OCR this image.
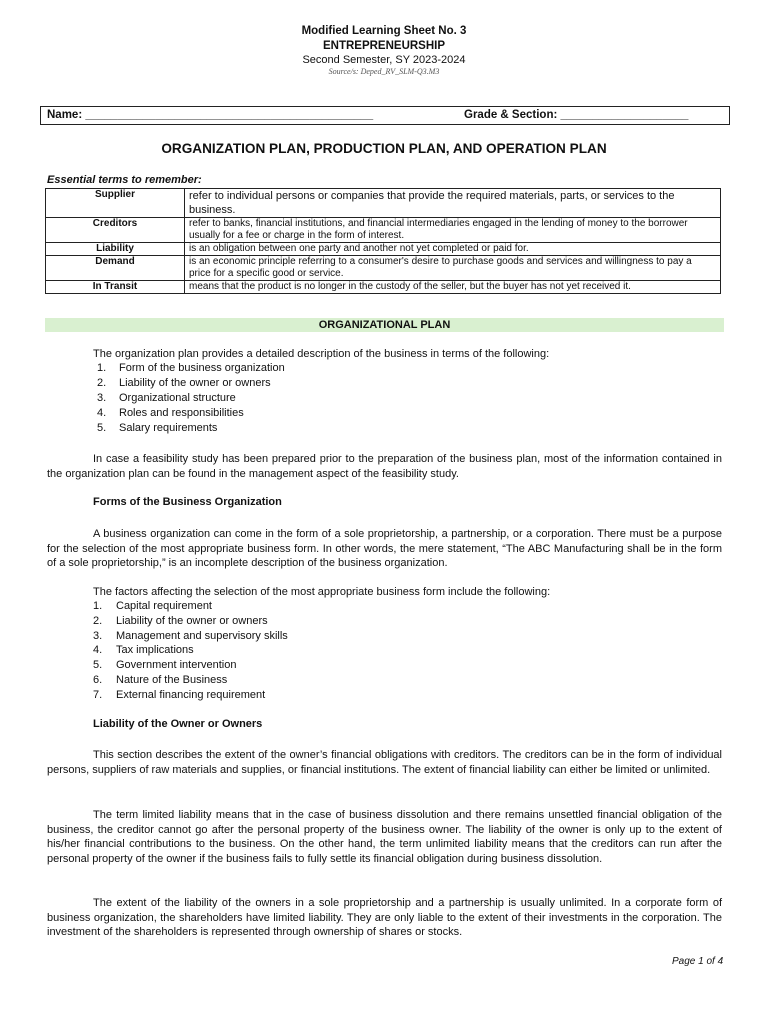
Modified Learning Sheet No. 3
ENTREPRENEURSHIP
Second Semester, SY 2023-2024
Source/s: Deped_RV_SLM-Q3.M3
Name: _____________________________________________	Grade & Section: ____________________
ORGANIZATION PLAN, PRODUCTION PLAN, AND OPERATION PLAN
Essential terms to remember:
Supplier	refer to individual persons or companies that provide the required materials, parts, or services to the business.
Creditors	refer to banks, financial institutions, and financial intermediaries engaged in the lending of money to the borrower usually for a fee or charge in the form of interest.
Liability	is an obligation between one party and another not yet completed or paid for.
Demand	is an economic principle referring to a consumer's desire to purchase goods and services and willingness to pay a price for a specific good or service.
In Transit	means that the product is no longer in the custody of the seller, but the buyer has not yet received it.
ORGANIZATIONAL PLAN
The organization plan provides a detailed description of the business in terms of the following:
1. Form of the business organization
2. Liability of the owner or owners
3. Organizational structure
4. Roles and responsibilities
5. Salary requirements
In case a feasibility study has been prepared prior to the preparation of the business plan, most of the information contained in the organization plan can be found in the management aspect of the feasibility study.
Forms of the Business Organization
A business organization can come in the form of a sole proprietorship, a partnership, or a corporation. There must be a purpose for the selection of the most appropriate business form. In other words, the mere statement, “The ABC Manufacturing shall be in the form of a sole proprietorship,” is an incomplete description of the business organization.
The factors affecting the selection of the most appropriate business form include the following:
1. Capital requirement
2. Liability of the owner or owners
3. Management and supervisory skills
4. Tax implications
5. Government intervention
6. Nature of the Business
7. External financing requirement
Liability of the Owner or Owners
This section describes the extent of the owner’s financial obligations with creditors. The creditors can be in the form of individual persons, suppliers of raw materials and supplies, or financial institutions. The extent of financial liability can either be limited or unlimited.
The term limited liability means that in the case of business dissolution and there remains unsettled financial obligation of the business, the creditor cannot go after the personal property of the business owner. The liability of the owner is only up to the extent of his/her financial contributions to the business. On the other hand, the term unlimited liability means that the creditors can run after the personal property of the owner if the business fails to fully settle its financial obligation during business dissolution.
The extent of the liability of the owners in a sole proprietorship and a partnership is usually unlimited. In a corporate form of business organization, the shareholders have limited liability. They are only liable to the extent of their investments in the corporation. The investment of the shareholders is represented through ownership of shares or stocks.
Page 1 of 4
